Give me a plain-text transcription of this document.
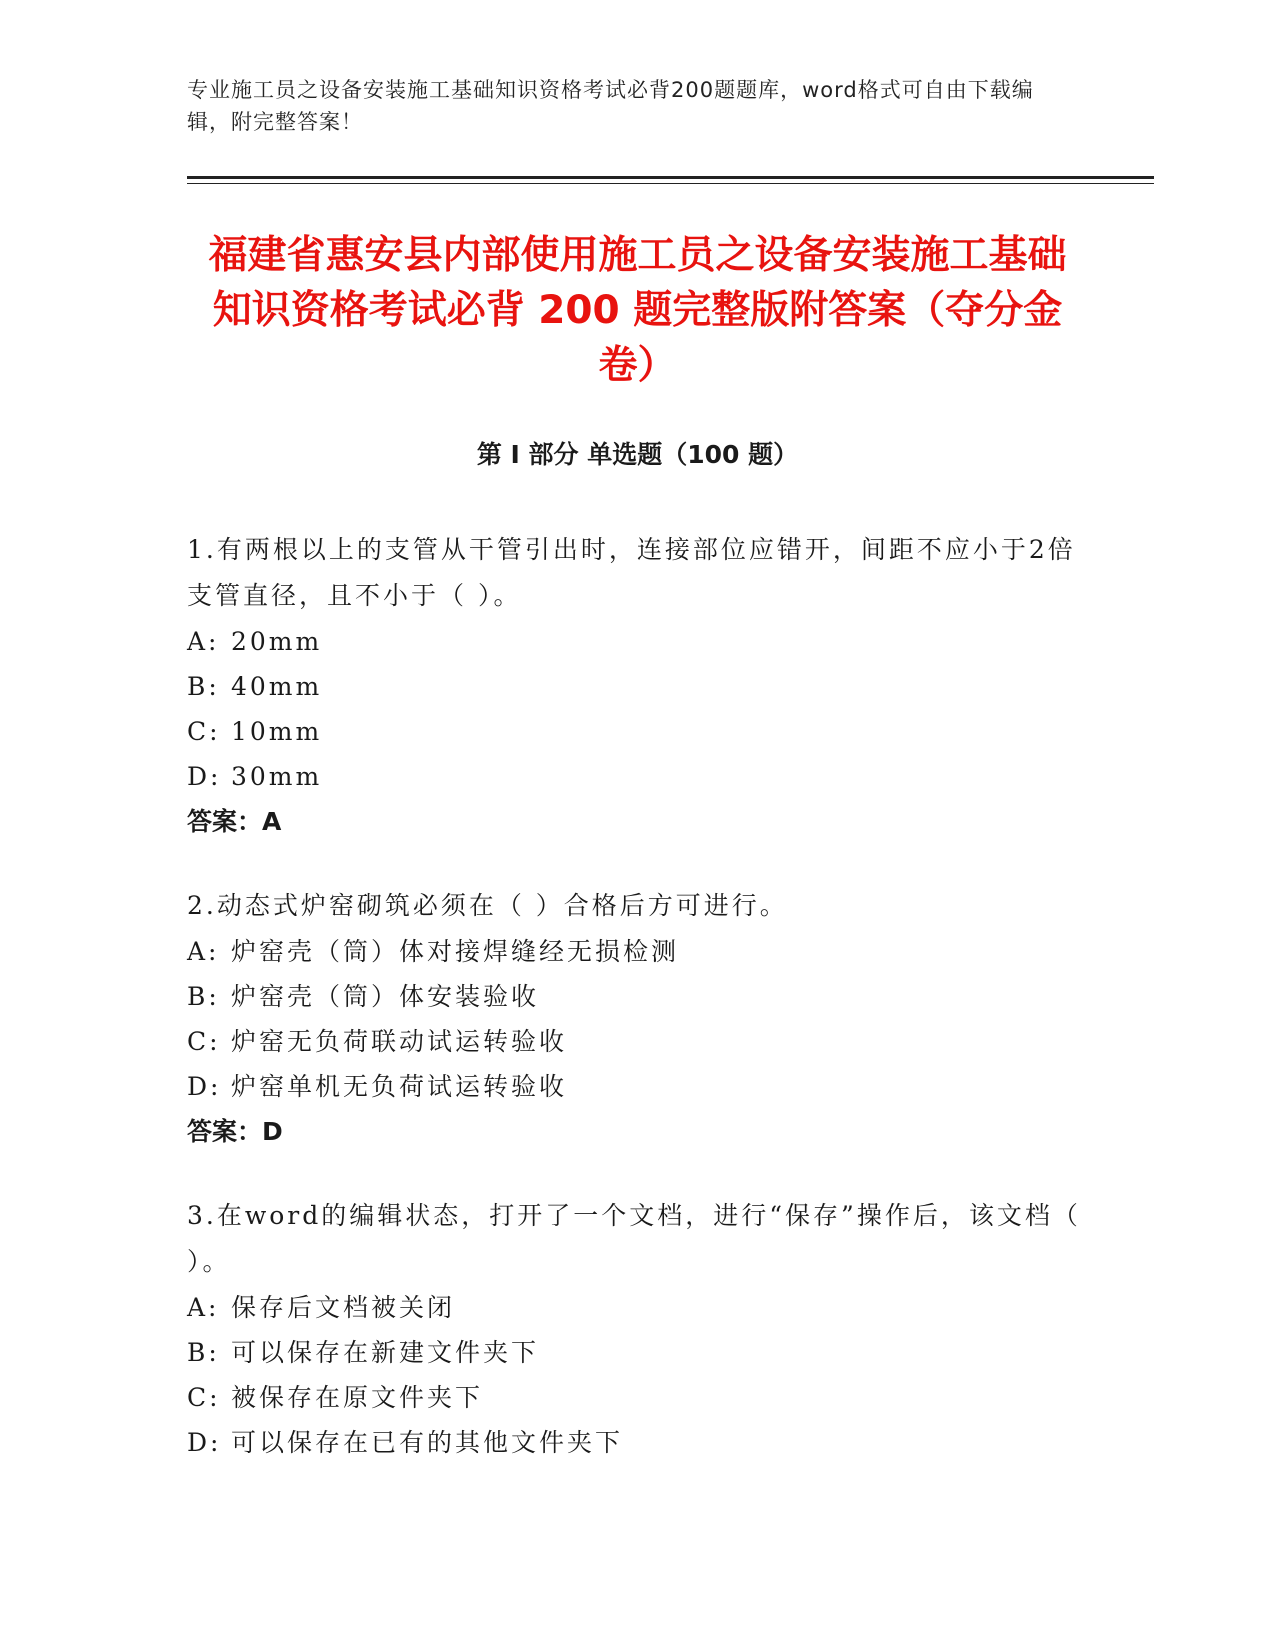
专业施工员之设备安装施工基础知识资格考试必背200题题库，word格式可自由下载编辑，附完整答案！
福建省惠安县内部使用施工员之设备安装施工基础知识资格考试必背 200 题完整版附答案（夺分金卷）
第 I 部分 单选题（100 题）
1.有两根以上的支管从干管引出时，连接部位应错开，间距不应小于2倍支管直径，且不小于（ ）。
A: 20mm
B: 40mm
C: 10mm
D: 30mm
答案：A
2.动态式炉窑砌筑必须在（ ）合格后方可进行。
A: 炉窑壳（筒）体对接焊缝经无损检测
B: 炉窑壳（筒）体安装验收
C: 炉窑无负荷联动试运转验收
D: 炉窑单机无负荷试运转验收
答案：D
3.在word的编辑状态，打开了一个文档，进行“保存”操作后，该文档（ ）。
A: 保存后文档被关闭
B: 可以保存在新建文件夹下
C: 被保存在原文件夹下
D: 可以保存在已有的其他文件夹下
